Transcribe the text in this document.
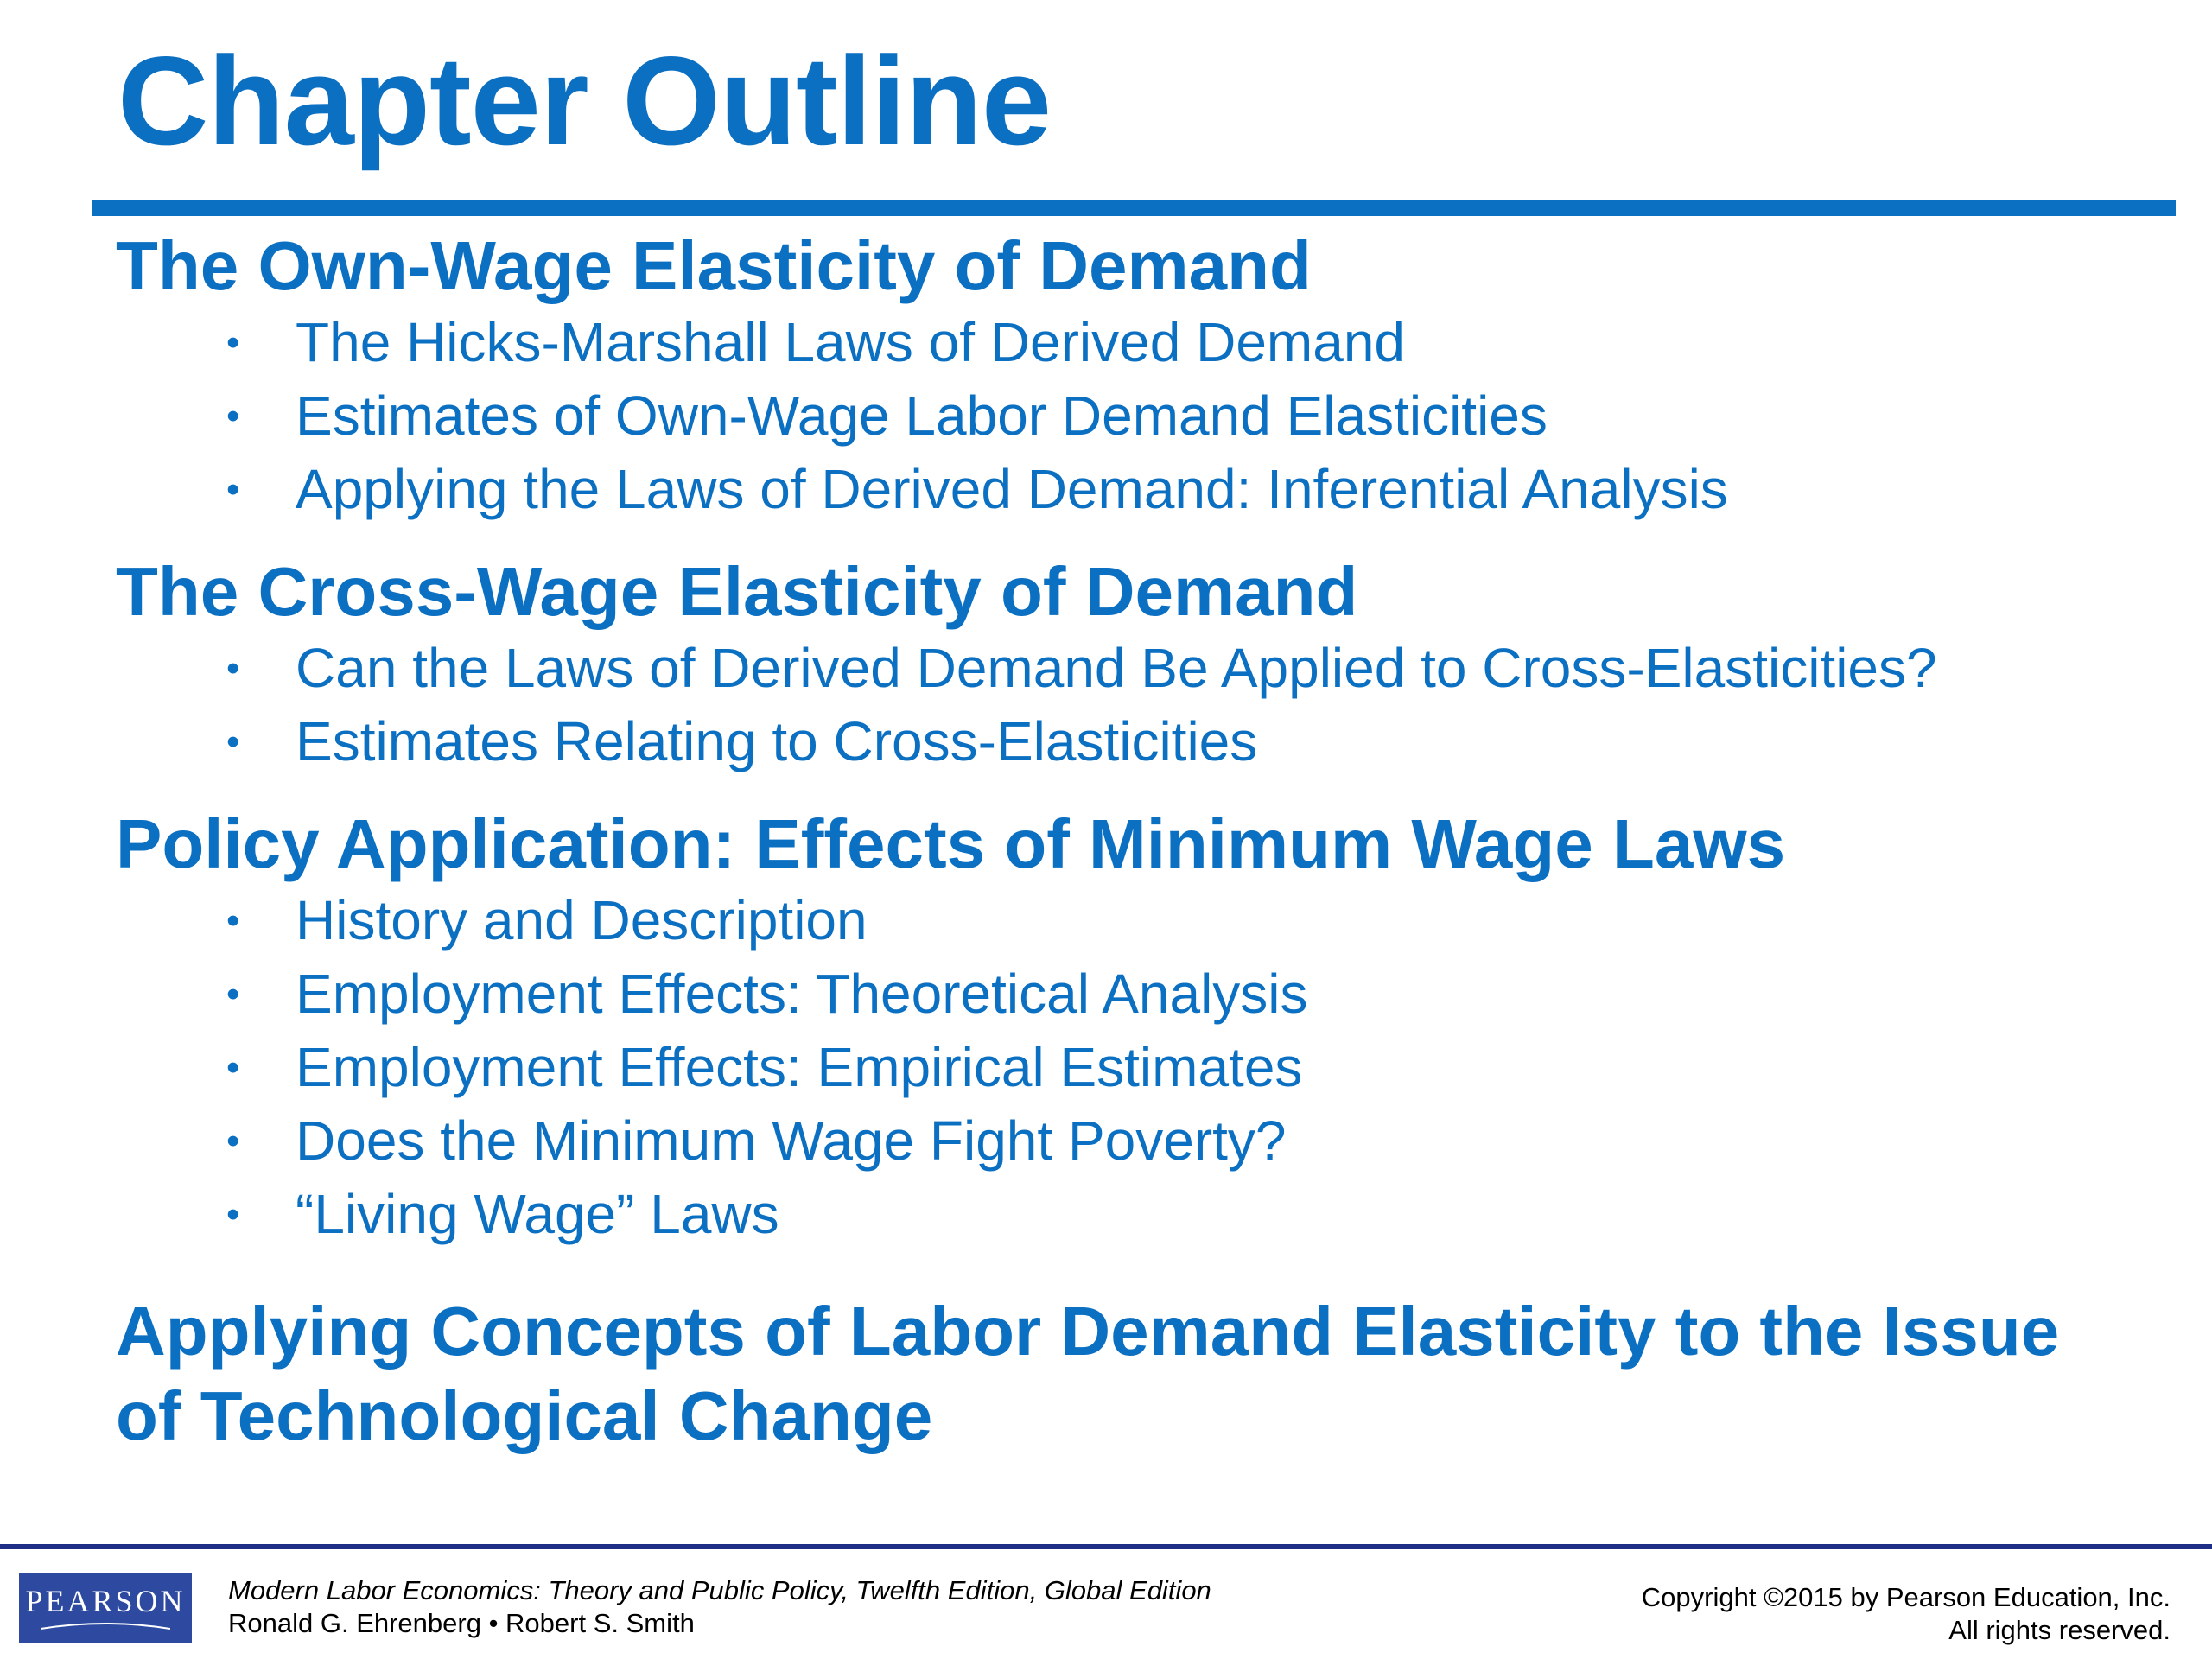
Chapter Outline
The Own-Wage Elasticity of Demand
• The Hicks-Marshall Laws of Derived Demand
• Estimates of Own-Wage Labor Demand Elasticities
• Applying the Laws of Derived Demand: Inferential Analysis
The Cross-Wage Elasticity of Demand
• Can the Laws of Derived Demand Be Applied to Cross-Elasticities?
• Estimates Relating to Cross-Elasticities
Policy Application: Effects of Minimum Wage Laws
• History and Description
• Employment Effects: Theoretical Analysis
• Employment Effects: Empirical Estimates
• Does the Minimum Wage Fight Poverty?
• “Living Wage” Laws
Applying Concepts of Labor Demand Elasticity to the Issue of Technological Change
PEARSON Modern Labor Economics: Theory and Public Policy, Twelfth Edition, Global Edition
Ronald G. Ehrenberg • Robert S. Smith
Copyright ©2015 by Pearson Education, Inc.
All rights reserved.
